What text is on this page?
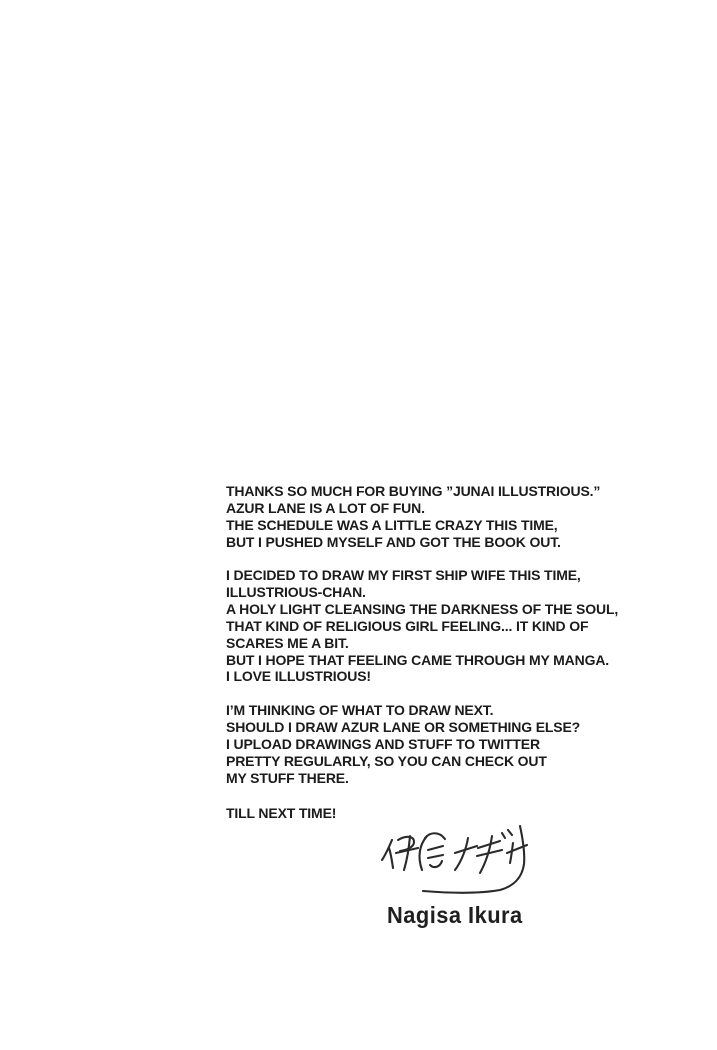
THANKS SO MUCH FOR BUYING ”JUNAI ILLUSTRIOUS.”
AZUR LANE IS A LOT OF FUN.
THE SCHEDULE WAS A LITTLE CRAZY THIS TIME,
BUT I PUSHED MYSELF AND GOT THE BOOK OUT.
I DECIDED TO DRAW MY FIRST SHIP WIFE THIS TIME,
ILLUSTRIOUS-CHAN.
A HOLY LIGHT CLEANSING THE DARKNESS OF THE SOUL,
THAT KIND OF RELIGIOUS GIRL FEELING... IT KIND OF
SCARES ME A BIT.
BUT I HOPE THAT FEELING CAME THROUGH MY MANGA.
I LOVE ILLUSTRIOUS!
I’M THINKING OF WHAT TO DRAW NEXT.
SHOULD I DRAW AZUR LANE OR SOMETHING ELSE?
I UPLOAD DRAWINGS AND STUFF TO TWITTER
PRETTY REGULARLY, SO YOU CAN CHECK OUT
MY STUFF THERE.
TILL NEXT TIME!
Nagisa Ikura
